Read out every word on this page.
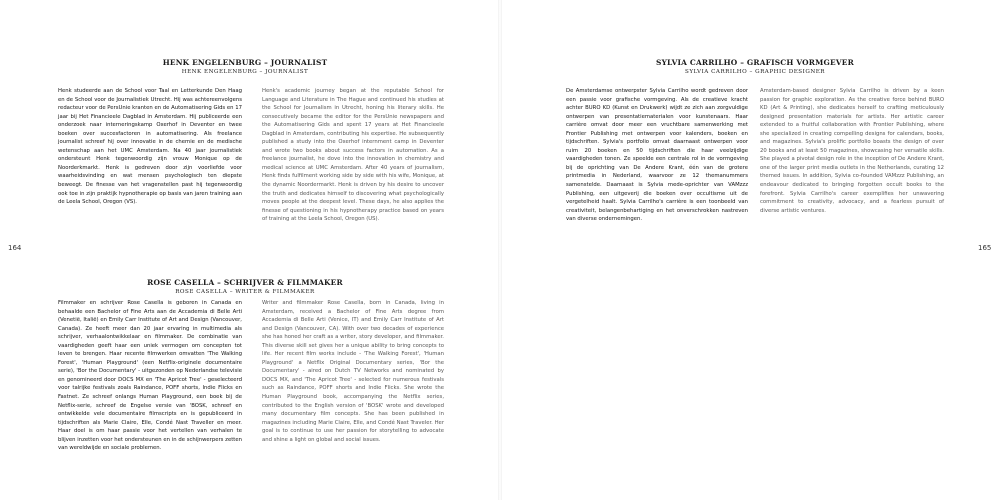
HENK ENGELENBURG – JOURNALIST
HENK ENGELENBURG – JOURNALIST
Henk studeerde aan de School voor Taal en Letterkunde Den Haag en de School voor de Journalistiek Utrecht. Hij was achtereenvolgens redacteur voor de PersUnie kranten en de Automatisering Gids en 17 jaar bij Het Financieele Dagblad in Amsterdam. Hij publiceerde een onderzoek naar interneringskamp Oxerhof in Deventer en twee boeken over succesfactoren in automatisering. Als freelance journalist schreef hij over innovatie in de chemie en de medische wetenschap aan het UMC Amsterdam. Na 40 jaar journalistiek ondersteunt Henk tegenwoordig zijn vrouw Monique op de Noorderkmarkt. Henk is gedreven door zijn voorliefde voor waarheidsvinding en wat mensen psychologisch ten diepste beweegt. De finesse van het vragenstellen past hij tegenwoordig ook toe in zijn praktijk hypnotherapie op basis van jaren training aan de Leela School, Oregon (VS).
Henk's academic journey began at the reputable School for Language and Literature in The Hague and continued his studies at the School for Journalism in Utrecht, honing his literary skills. He consecutively became the editor for the PersUnie newspapers and the Automatisering Gids and spent 17 years at Het Financieele Dagblad in Amsterdam, contributing his expertise. He subsequently published a study into the Oxerhof internment camp in Deventer and wrote two books about success factors in automation. As a freelance journalist, he dove into the innovation in chemistry and medical science at UMC Amsterdam. After 40 years of journalism, Henk finds fulfilment working side by side with his wife, Monique, at the dynamic Noordermarkt. Henk is driven by his desire to uncover the truth and dedicates himself to discovering what psychologically moves people at the deepest level. These days, he also applies the finesse of questioning in his hypnotherapy practice based on years of training at the Leela School, Oregon (US).
164
ROSE CASELLA – SCHRIJVER & FILMMAKER
ROSE CASELLA – WRITER & FILMMAKER
Filmmaker en schrijver Rose Casella is geboren in Canada en behaalde een Bachelor of Fine Arts aan de Accademia di Belle Arti (Venetië, Italië) en Emily Carr Institute of Art and Design (Vancouver, Canada). Ze heeft meer dan 20 jaar ervaring in multimedia als schrijver, verhaalontwikkelaar en filmmaker. De combinatie van vaardigheden geeft haar een uniek vermogen om concepten tot leven te brengen. Haar recente filmwerken omvatten 'The Walking Forest', 'Human Playground' (een Netflix-originele documentaire serie), 'Bor the Documentary' - uitgezonden op Nederlandse televisie en genomineerd door DOCS MX en 'The Apricot Tree' - geselecteerd voor talrijke festivals zoals Raindance, POFF shorts, Indie Flicks en Fastnet. Ze schreef onlangs Human Playground, een boek bij de Netflix-serie, schreef de Engelse versie van 'BOSK, schreef en ontwikkelde vele documentaire filmscripts en is gepubliceerd in tijdschriften als Marie Claire, Elle, Condé Nast Traveller en meer. Haar doel is om haar passie voor het vertellen van verhalen te blijven inzetten voor het ondersteunen en in de schijnwerpers zetten van wereldwijde en sociale problemen.
Writer and filmmaker Rose Casella, born in Canada, living in Amsterdam, received a Bachelor of Fine Arts degree from Accademia di Belle Arti (Venice, IT) and Emily Carr Institute of Art and Design (Vancouver, CA). With over two decades of experience she has honed her craft as a writer, story developer, and filmmaker. This diverse skill set gives her a unique ability to bring concepts to life. Her recent film works include - 'The Walking Forest', 'Human Playground' a Netflix Original Documentary series, 'Bor the Documentary' - aired on Dutch TV Networks and nominated by DOCS MX, and 'The Apricot Tree' - selected for numerous festivals such as Raindance, POFF shorts and Indie Flicks. She wrote the Human Playground book, accompanying the Netflix series, contributed to the English version of 'BOSK' wrote and developed many documentary film concepts. She has been published in magazines including Marie Claire, Elle, and Condé Nast Traveler. Her goal is to continue to use her passion for storytelling to advocate and shine a light on global and social issues.
SYLVIA CARRILHO – GRAFISCH VORMGEVER
SYLVIA CARRILHO – GRAPHIC DESIGNER
De Amsterdamse ontwerpster Sylvia Carrilho wordt gedreven door een passie voor grafische vormgeving. Als de creatieve kracht achter BURO KD (Kunst en Drukwerk) wijdt ze zich aan zorgvuldige ontwerpen van presentatiematerialen voor kunstenaars. Haar carrière omvat door meer een vruchtbare samenwerking met Frontier Publishing met ontwerpen voor kalenders, boeken en tijdschriften. Sylvia's portfolio omvat daarnaast ontwerpen voor ruim 20 boeken en 50 tijdschriften die haar veelzijdige vaardigheden tonen. Ze speelde een centrale rol in de vormgeving bij de oprichting van De Andere Krant, één van de grotere printmedia in Nederland, waarvoor ze 12 themanummers samenstelde. Daarnaast is Sylvia mede-oprichter van VAMzzz Publishing, een uitgeverij die boeken over occultisme uit de vergetelheid haalt. Sylvia Carrilho's carrière is een toonbeeld van creativiteit, belangenbehartiging en het onverschrokken nastreven van diverse ondernemingen.
Amsterdam-based designer Sylvia Carrilho is driven by a keen passion for graphic exploration. As the creative force behind BURO KD (Art & Printing), she dedicates herself to crafting meticulously designed presentation materials for artists. Her artistic career extended to a fruitful collaboration with Frontier Publishing, where she specialized in creating compelling designs for calendars, books, and magazines. Sylvia's prolific portfolio boasts the design of over 20 books and at least 50 magazines, showcasing her versatile skills. She played a pivotal design role in the inception of De Andere Krant, one of the larger print media outlets in the Netherlands, curating 12 themed issues. In addition, Sylvia co-founded VAMzzz Publishing, an endeavour dedicated to bringing forgotten occult books to the forefront. Sylvia Carrilho's career exemplifies her unwavering commitment to creativity, advocacy, and a fearless pursuit of diverse artistic ventures.
165
